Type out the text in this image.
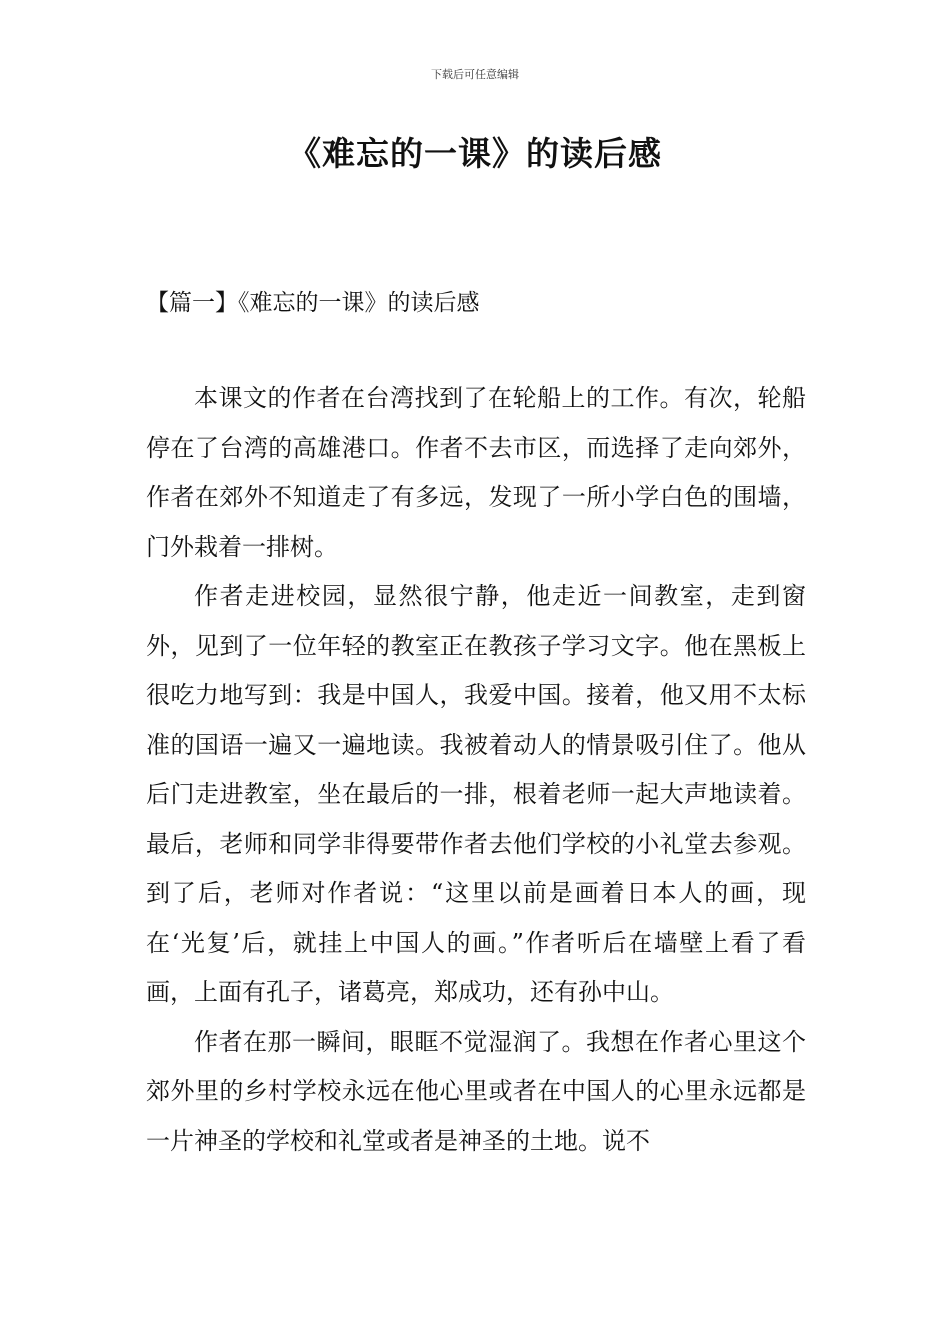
下载后可任意编辑
《难忘的一课》的读后感
【篇一】《难忘的一课》的读后感

本课文的作者在台湾找到了在轮船上的工作。有次，轮船停在了台湾的高雄港口。作者不去市区，而选择了走向郊外，作者在郊外不知道走了有多远，发现了一所小学白色的围墙，门外栽着一排树。

作者走进校园，显然很宁静，他走近一间教室，走到窗外，见到了一位年轻的教室正在教孩子学习文字。他在黑板上很吃力地写到：我是中国人，我爱中国。接着，他又用不太标准的国语一遍又一遍地读。我被着动人的情景吸引住了。他从后门走进教室，坐在最后的一排，根着老师一起大声地读着。最后，老师和同学非得要带作者去他们学校的小礼堂去参观。到了后，老师对作者说：“这里以前是画着日本人的画，现在‘光复’后，就挂上中国人的画。”作者听后在墙壁上看了看画，上面有孔子，诸葛亮，郑成功，还有孙中山。

作者在那一瞬间，眼眶不觉湿润了。我想在作者心里这个郊外里的乡村学校永远在他心里或者在中国人的心里永远都是一片神圣的学校和礼堂或者是神圣的土地。说不
